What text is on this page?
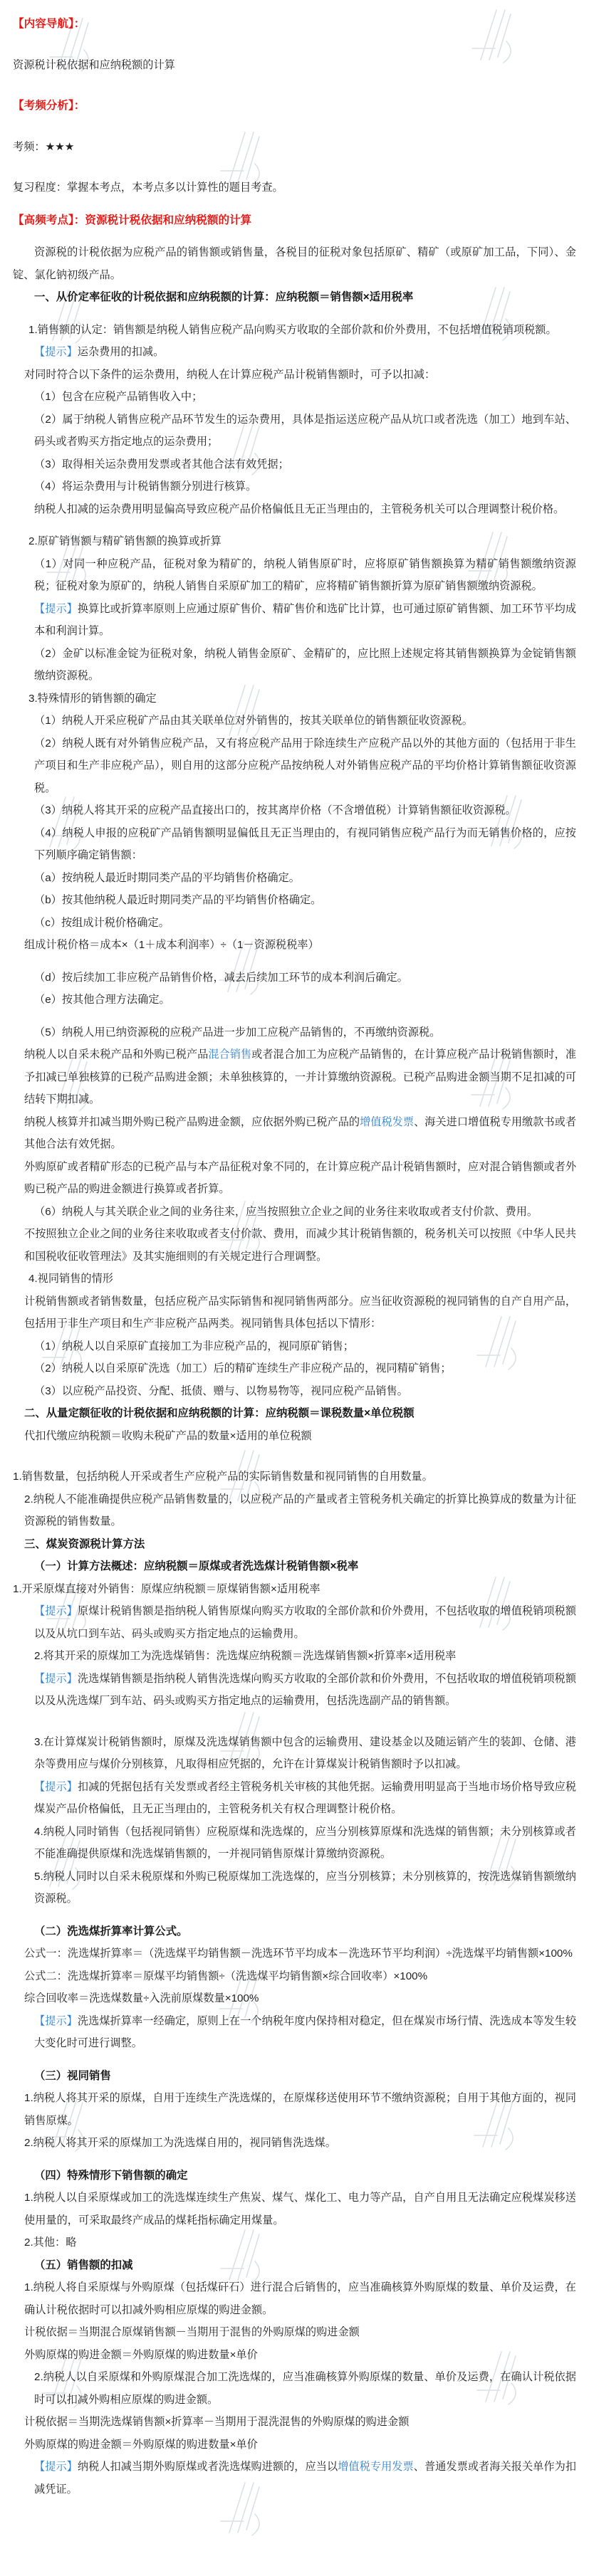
【内容导航】：

资源税计税依据和应纳税额的计算

【考频分析】：

考频：★★★

复习程度：掌握本考点，本考点多以计算性的题目考查。

【高频考点】：资源税计税依据和应纳税额的计算

资源税的计税依据为应税产品的销售额或销售量，各税目的征税对象包括原矿、精矿（或原矿加工品，下同）、金锭、氯化钠初级产品。

一、从价定率征收的计税依据和应纳税额的计算：应纳税额＝销售额×适用税率

1.销售额的认定：销售额是纳税人销售应税产品向购买方收取的全部价款和价外费用，不包括增值税销项税额。

【提示】运杂费用的扣减。

对同时符合以下条件的运杂费用，纳税人在计算应税产品计税销售额时，可予以扣减：

（1）包含在应税产品销售收入中；

（2）属于纳税人销售应税产品环节发生的运杂费用，具体是指运送应税产品从坑口或者洗选（加工）地到车站、码头或者购买方指定地点的运杂费用；

（3）取得相关运杂费用发票或者其他合法有效凭据；

（4）将运杂费用与计税销售额分别进行核算。

纳税人扣减的运杂费用明显偏高导致应税产品价格偏低且无正当理由的，主管税务机关可以合理调整计税价格。

2.原矿销售额与精矿销售额的换算或折算

（1）对同一种应税产品，征税对象为精矿的，纳税人销售原矿时，应将原矿销售额换算为精矿销售额缴纳资源税；征税对象为原矿的，纳税人销售自采原矿加工的精矿，应将精矿销售额折算为原矿销售额缴纳资源税。

【提示】换算比或折算率原则上应通过原矿售价、精矿售价和选矿比计算，也可通过原矿销售额、加工环节平均成本和利润计算。

（2）金矿以标准金锭为征税对象，纳税人销售金原矿、金精矿的，应比照上述规定将其销售额换算为金锭销售额缴纳资源税。

3.特殊情形的销售额的确定

（1）纳税人开采应税矿产品由其关联单位对外销售的，按其关联单位的销售额征收资源税。

（2）纳税人既有对外销售应税产品，又有将应税产品用于除连续生产应税产品以外的其他方面的（包括用于非生产项目和生产非应税产品），则自用的这部分应税产品按纳税人对外销售应税产品的平均价格计算销售额征收资源税。

（3）纳税人将其开采的应税产品直接出口的，按其离岸价格（不含增值税）计算销售额征收资源税。

（4）纳税人申报的应税矿产品销售额明显偏低且无正当理由的，有视同销售应税产品行为而无销售价格的，应按下列顺序确定销售额：

（a）按纳税人最近时期同类产品的平均销售价格确定。

（b）按其他纳税人最近时期同类产品的平均销售价格确定。

（c）按组成计税价格确定。

组成计税价格＝成本×（1＋成本利润率）÷（1－资源税税率）

（d）按后续加工非应税产品销售价格，减去后续加工环节的成本利润后确定。

（e）按其他合理方法确定。

（5）纳税人用已纳资源税的应税产品进一步加工应税产品销售的，不再缴纳资源税。

纳税人以自采未税产品和外购已税产品混合销售或者混合加工为应税产品销售的，在计算应税产品计税销售额时，准予扣减已单独核算的已税产品购进金额；未单独核算的，一并计算缴纳资源税。已税产品购进金额当期不足扣减的可结转下期扣减。

纳税人核算并扣减当期外购已税产品购进金额，应依据外购已税产品的增值税发票、海关进口增值税专用缴款书或者其他合法有效凭据。

外购原矿或者精矿形态的已税产品与本产品征税对象不同的，在计算应税产品计税销售额时，应对混合销售额或者外购已税产品的购进金额进行换算或者折算。

（6）纳税人与其关联企业之间的业务往来，应当按照独立企业之间的业务往来收取或者支付价款、费用。

不按照独立企业之间的业务往来收取或者支付价款、费用，而减少其计税销售额的，税务机关可以按照《中华人民共和国税收征收管理法》及其实施细则的有关规定进行合理调整。

4.视同销售的情形

计税销售额或者销售数量，包括应税产品实际销售和视同销售两部分。应当征收资源税的视同销售的自产自用产品，包括用于非生产项目和生产非应税产品两类。视同销售具体包括以下情形：

（1）纳税人以自采原矿直接加工为非应税产品的，视同原矿销售；

（2）纳税人以自采原矿洗选（加工）后的精矿连续生产非应税产品的，视同精矿销售；

（3）以应税产品投资、分配、抵债、赠与、以物易物等，视同应税产品销售。

二、从量定额征收的计税依据和应纳税额的计算：应纳税额＝课税数量×单位税额

代扣代缴应纳税额＝收购未税矿产品的数量×适用的单位税额

1.销售数量，包括纳税人开采或者生产应税产品的实际销售数量和视同销售的自用数量。

2.纳税人不能准确提供应税产品销售数量的，以应税产品的产量或者主管税务机关确定的折算比换算成的数量为计征资源税的销售数量。

三、煤炭资源税计算方法

（一）计算方法概述：应纳税额＝原煤或者洗选煤计税销售额×税率

1.开采原煤直接对外销售：原煤应纳税额＝原煤销售额×适用税率

【提示】原煤计税销售额是指纳税人销售原煤向购买方收取的全部价款和价外费用，不包括收取的增值税销项税额以及从坑口到车站、码头或购买方指定地点的运输费用。

2.将其开采的原煤加工为洗选煤销售：洗选煤应纳税额＝洗选煤销售额×折算率×适用税率

【提示】洗选煤销售额是指纳税人销售洗选煤向购买方收取的全部价款和价外费用，不包括收取的增值税销项税额以及从洗选煤厂到车站、码头或购买方指定地点的运输费用，包括洗选副产品的销售额。

3.在计算煤炭计税销售额时，原煤及洗选煤销售额中包含的运输费用、建设基金以及随运销产生的装卸、仓储、港杂等费用应与煤价分别核算，凡取得相应凭据的，允许在计算煤炭计税销售额时予以扣减。

【提示】扣减的凭据包括有关发票或者经主管税务机关审核的其他凭据。运输费用明显高于当地市场价格导致应税煤炭产品价格偏低，且无正当理由的，主管税务机关有权合理调整计税价格。

4.纳税人同时销售（包括视同销售）应税原煤和洗选煤的，应当分别核算原煤和洗选煤的销售额；未分别核算或者不能准确提供原煤和洗选煤销售额的，一并视同销售原煤计算缴纳资源税。

5.纳税人同时以自采未税原煤和外购已税原煤加工洗选煤的，应当分别核算；未分别核算的，按洗选煤销售额缴纳资源税。

（二）洗选煤折算率计算公式。

公式一：洗选煤折算率＝（洗选煤平均销售额－洗选环节平均成本－洗选环节平均利润）÷洗选煤平均销售额×100%

公式二：洗选煤折算率＝原煤平均销售额÷（洗选煤平均销售额×综合回收率）×100%

综合回收率＝洗选煤数量÷入洗前原煤数量×100%

【提示】洗选煤折算率一经确定，原则上在一个纳税年度内保持相对稳定，但在煤炭市场行情、洗选成本等发生较大变化时可进行调整。

（三）视同销售

1.纳税人将其开采的原煤，自用于连续生产洗选煤的，在原煤移送使用环节不缴纳资源税；自用于其他方面的，视同销售原煤。

2.纳税人将其开采的原煤加工为洗选煤自用的，视同销售洗选煤。

（四）特殊情形下销售额的确定

1.纳税人以自采原煤或加工的洗选煤连续生产焦炭、煤气、煤化工、电力等产品，自产自用且无法确定应税煤炭移送使用量的，可采取最终产成品的煤耗指标确定用煤量。

2.其他：略

（五）销售额的扣减

1.纳税人将自采原煤与外购原煤（包括煤矸石）进行混合后销售的，应当准确核算外购原煤的数量、单价及运费，在确认计税依据时可以扣减外购相应原煤的购进金额。

计税依据＝当期混合原煤销售额－当期用于混售的外购原煤的购进金额

外购原煤的购进金额＝外购原煤的购进数量×单价

2.纳税人以自采原煤和外购原煤混合加工洗选煤的，应当准确核算外购原煤的数量、单价及运费，在确认计税依据时可以扣减外购相应原煤的购进金额。

计税依据＝当期洗选煤销售额×折算率－当期用于混洗混售的外购原煤的购进金额

外购原煤的购进金额＝外购原煤的购进数量×单价

【提示】纳税人扣减当期外购原煤或者洗选煤购进额的，应当以增值税专用发票、普通发票或者海关报关单作为扣减凭证。
